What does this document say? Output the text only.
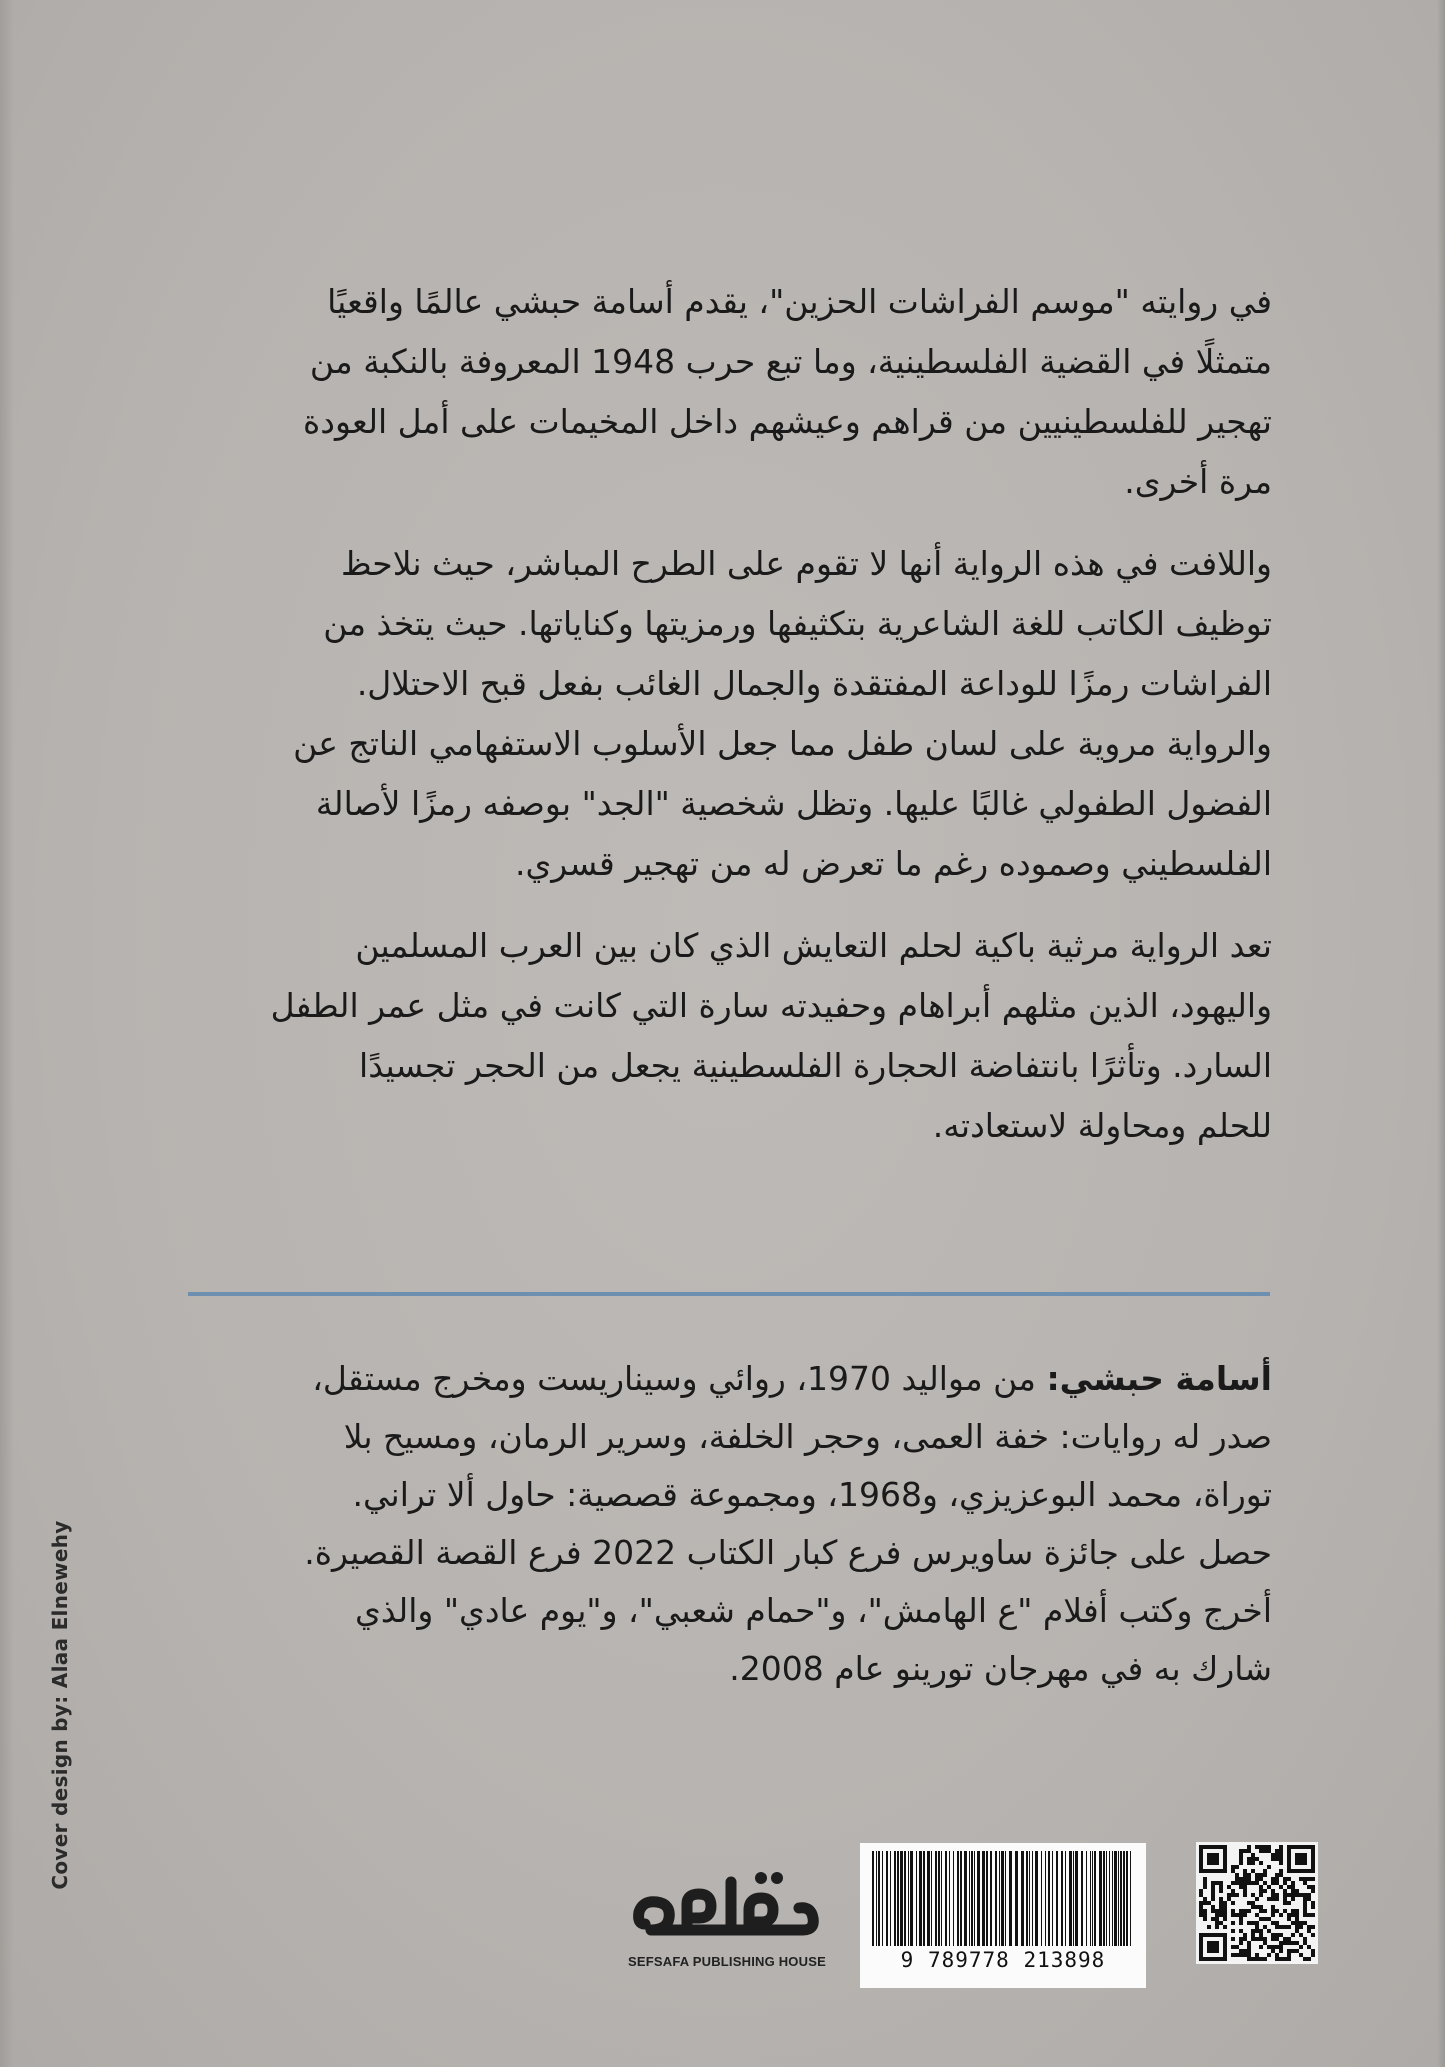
في روايته "موسم الفراشات الحزين"، يقدم أسامة حبشي عالمًا واقعيًا
متمثلًا في القضية الفلسطينية، وما تبع حرب 1948 المعروفة بالنكبة من
تهجير للفلسطينيين من قراهم وعيشهم داخل المخيمات على أمل العودة
مرة أخرى.

واللافت في هذه الرواية أنها لا تقوم على الطرح المباشر، حيث نلاحظ
توظيف الكاتب للغة الشاعرية بتكثيفها ورمزيتها وكناياتها. حيث يتخذ من
الفراشات رمزًا للوداعة المفتقدة والجمال الغائب بفعل قبح الاحتلال.
والرواية مروية على لسان طفل مما جعل الأسلوب الاستفهامي الناتج عن
الفضول الطفولي غالبًا عليها. وتظل شخصية "الجد" بوصفه رمزًا لأصالة
الفلسطيني وصموده رغم ما تعرض له من تهجير قسري.

تعد الرواية مرثية باكية لحلم التعايش الذي كان بين العرب المسلمين
واليهود، الذين مثلهم أبراهام وحفيدته سارة التي كانت في مثل عمر الطفل
السارد. وتأثرًا بانتفاضة الحجارة الفلسطينية يجعل من الحجر تجسيدًا
للحلم ومحاولة لاستعادته.

أسامة حبشي: من مواليد 1970، روائي وسيناريست ومخرج مستقل،
صدر له روايات: خفة العمى، وحجر الخلفة، وسرير الرمان، ومسيح بلا
توراة، محمد البوعزيزي، و1968، ومجموعة قصصية: حاول ألا تراني.
حصل على جائزة ساويرس فرع كبار الكتاب 2022 فرع القصة القصيرة.
أخرج وكتب أفلام "ع الهامش"، و"حمام شعبي"، و"يوم عادي" والذي
شارك به في مهرجان تورينو عام 2008.
Cover design by: Alaa Elnewehy
SEFSAFA PUBLISHING HOUSE	9 789778 213898
